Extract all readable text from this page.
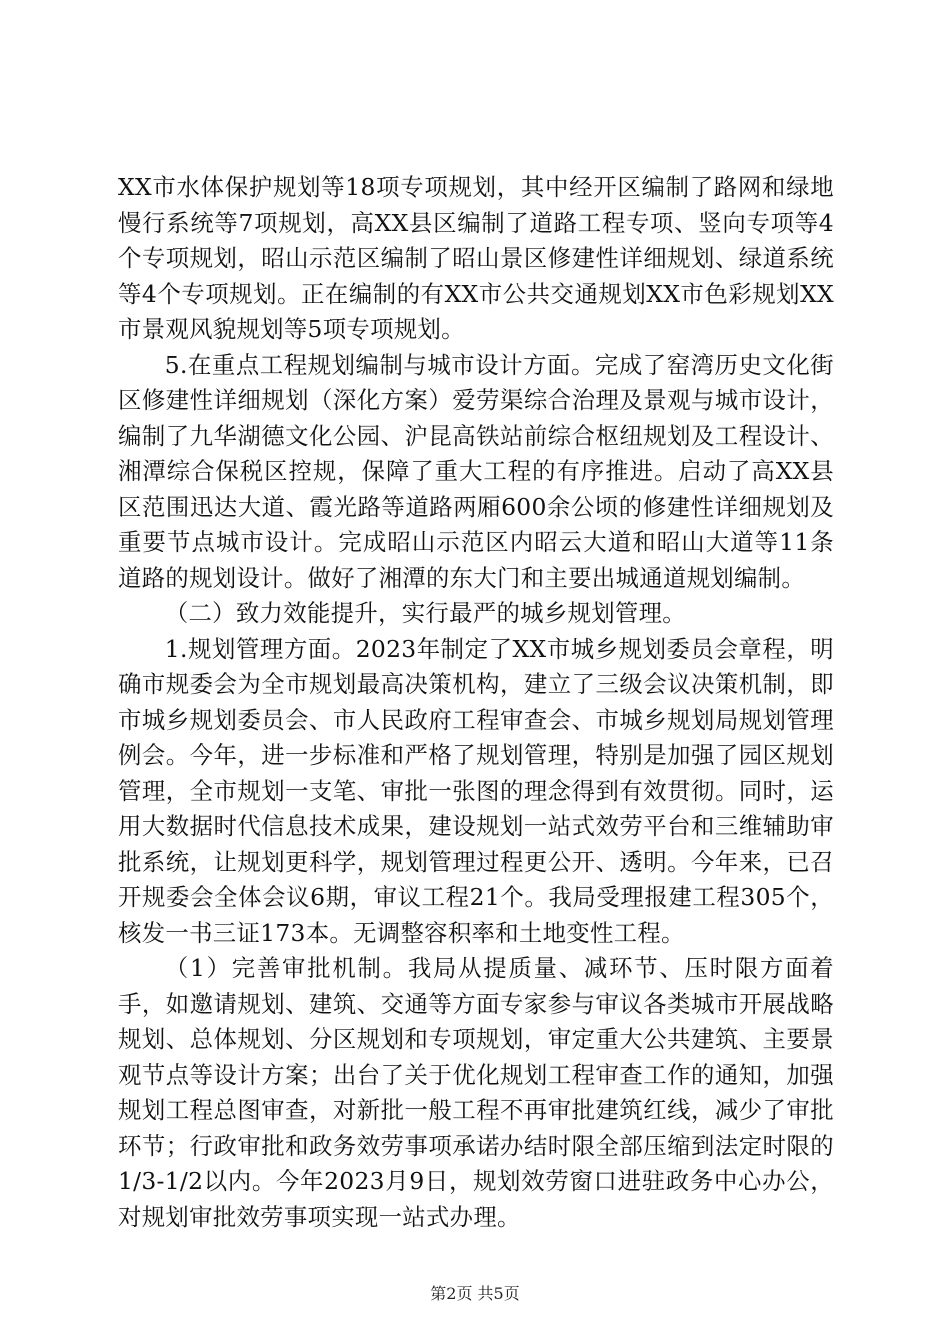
XX市水体保护规划等18项专项规划，其中经开区编制了路网和绿地慢行系统等7项规划，高XX县区编制了道路工程专项、竖向专项等4个专项规划，昭山示范区编制了昭山景区修建性详细规划、绿道系统等4个专项规划。正在编制的有XX市公共交通规划XX市色彩规划XX市景观风貌规划等5项专项规划。

5.在重点工程规划编制与城市设计方面。完成了窑湾历史文化街区修建性详细规划（深化方案）爱劳渠综合治理及景观与城市设计，编制了九华湖德文化公园、沪昆高铁站前综合枢纽规划及工程设计、湘潭综合保税区控规，保障了重大工程的有序推进。启动了高XX县区范围迅达大道、霞光路等道路两厢600余公顷的修建性详细规划及重要节点城市设计。完成昭山示范区内昭云大道和昭山大道等11条道路的规划设计。做好了湘潭的东大门和主要出城通道规划编制。

（二）致力效能提升，实行最严的城乡规划管理。

1.规划管理方面。2023年制定了XX市城乡规划委员会章程，明确市规委会为全市规划最高决策机构，建立了三级会议决策机制，即市城乡规划委员会、市人民政府工程审查会、市城乡规划局规划管理例会。今年，进一步标准和严格了规划管理，特别是加强了园区规划管理，全市规划一支笔、审批一张图的理念得到有效贯彻。同时，运用大数据时代信息技术成果，建设规划一站式效劳平台和三维辅助审批系统，让规划更科学，规划管理过程更公开、透明。今年来，已召开规委会全体会议6期，审议工程21个。我局受理报建工程305个，核发一书三证173本。无调整容积率和土地变性工程。

（1）完善审批机制。我局从提质量、减环节、压时限方面着手，如邀请规划、建筑、交通等方面专家参与审议各类城市开展战略规划、总体规划、分区规划和专项规划，审定重大公共建筑、主要景观节点等设计方案；出台了关于优化规划工程审查工作的通知，加强规划工程总图审查，对新批一般工程不再审批建筑红线，减少了审批环节；行政审批和政务效劳事项承诺办结时限全部压缩到法定时限的1/3-1/2以内。今年2023月9日，规划效劳窗口进驻政务中心办公，对规划审批效劳事项实现一站式办理。

第2页 共5页
